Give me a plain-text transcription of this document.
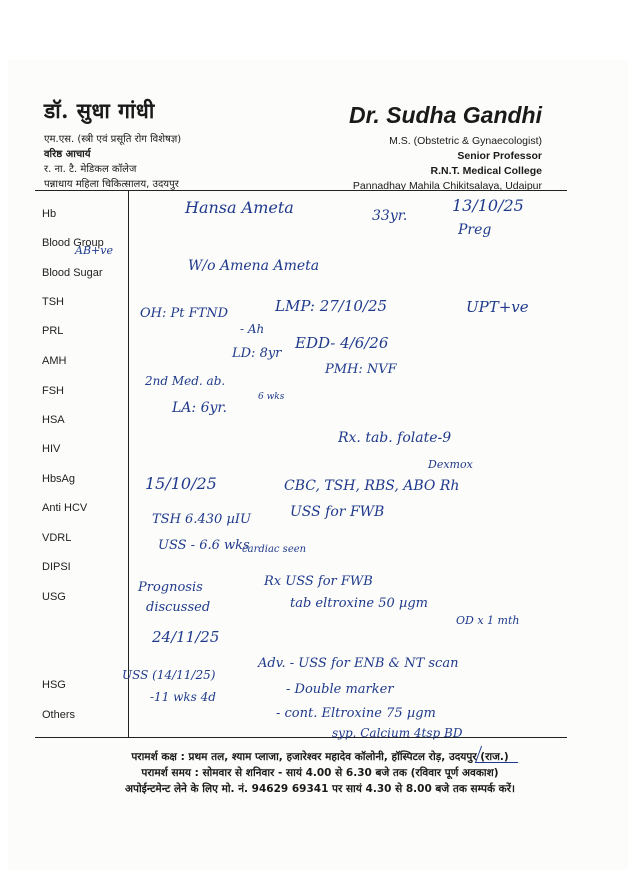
डॉ. सुधा गांधी
एम.एस. (स्त्री एवं प्रसूति रोग विशेषज्ञ)
वरिष्ठ आचार्य
र. ना. टै. मेडिकल कॉलेज
पन्नाधाय महिला चिकित्सालय, उदयपुर
Dr. Sudha Gandhi
M.S. (Obstetric & Gynaecologist)
Senior Professor
R.N.T. Medical College
Pannadhay Mahila Chikitsalaya, Udaipur
Hb
Blood Group
Blood Sugar
TSH
PRL
AMH
FSH
HSA
HIV
HbsAg
Anti HCV
VDRL
DIPSI
USG
HSG
Others
Hansa Ameta	33yr.
13/10/25
Preg
AB+ve
W/o Amena Ameta
OH: Pt FTND
- Ah
LMP: 27/10/25	UPT+ve
LD: 8yr
EDD- 4/6/26
PMH: NVF
2nd Med. ab.
6 wks
LA: 6yr.
Rx. tab. folate-9
Dexmox
15/10/25	CBC, TSH, RBS, ABO Rh
TSH 6.430 µIU	USS for FWB
USS - 6.6 wks
cardiac seen
Prognosis
discussed
Rx USS for FWB
tab eltroxine 50 µgm
OD x 1 mth
24/11/25
USS (14/11/25)
-11 wks 4d
Adv. - USS for ENB & NT scan
- Double marker
- cont. Eltroxine 75 µgm
syp. Calcium 4tsp BD
परामर्श कक्ष : प्रथम तल, श्याम प्लाजा, हजारेश्वर महादेव कॉलोनी, हॉस्पिटल रोड़, उदयपुर (राज.)
परामर्श समय : सोमवार से शनिवार - सायं 4.00 से 6.30 बजे तक (रविवार पूर्ण अवकाश)
अपोईन्टमेन्ट लेने के लिए मो. नं. 94629 69341 पर सायं 4.30 से 8.00 बजे तक सम्पर्क करें।
